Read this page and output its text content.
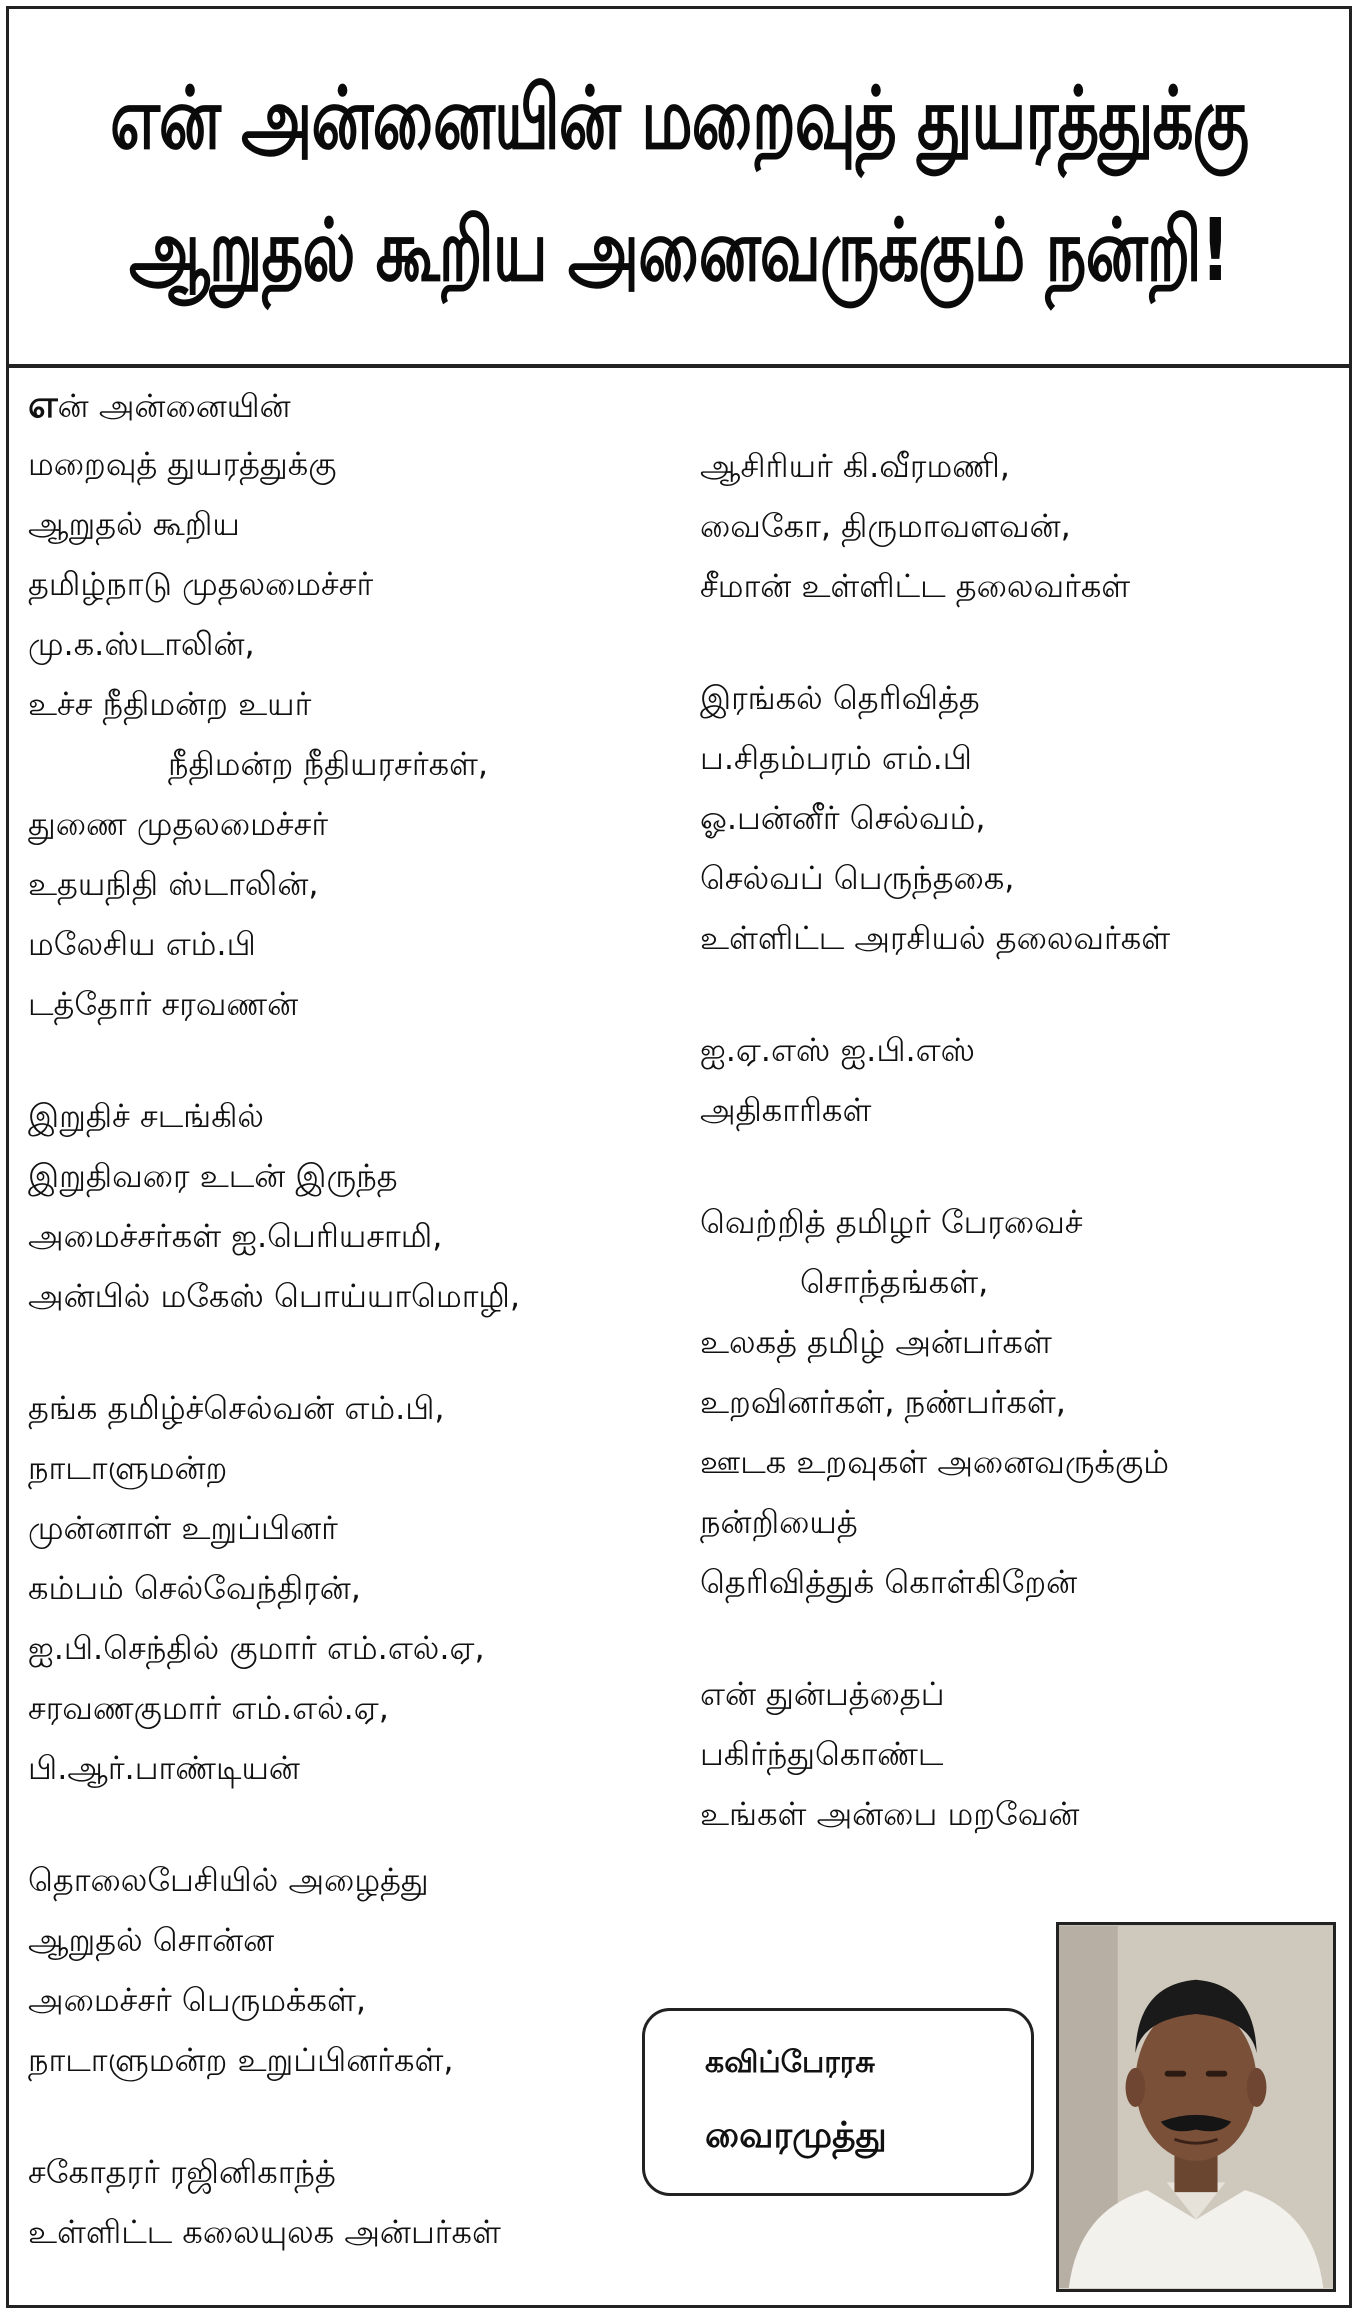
என் அன்னையின் மறைவுத் துயரத்துக்கு
ஆறுதல் கூறிய அனைவருக்கும் நன்றி!
என் அன்னையின்
மறைவுத் துயரத்துக்கு
ஆறுதல் கூறிய
தமிழ்நாடு முதலமைச்சர்
மு.க.ஸ்டாலின்,
உச்ச நீதிமன்ற உயர்
நீதிமன்ற நீதியரசர்கள்,
துணை முதலமைச்சர்
உதயநிதி ஸ்டாலின்,
மலேசிய எம்.பி
டத்தோர் சரவணன்
இறுதிச் சடங்கில்
இறுதிவரை உடன் இருந்த
அமைச்சர்கள் ஐ.பெரியசாமி,
அன்பில் மகேஸ் பொய்யாமொழி,
தங்க தமிழ்ச்செல்வன் எம்.பி,
நாடாளுமன்ற
முன்னாள் உறுப்பினர்
கம்பம் செல்வேந்திரன்,
ஐ.பி.செந்தில் குமார் எம்.எல்.ஏ,
சரவணகுமார் எம்.எல்.ஏ,
பி.ஆர்.பாண்டியன்
தொலைபேசியில் அழைத்து
ஆறுதல் சொன்ன
அமைச்சர் பெருமக்கள்,
நாடாளுமன்ற உறுப்பினர்கள்,
சகோதரர் ரஜினிகாந்த்
உள்ளிட்ட கலையுலக அன்பர்கள்
ஆசிரியர் கி.வீரமணி,
வைகோ, திருமாவளவன்,
சீமான் உள்ளிட்ட தலைவர்கள்
இரங்கல் தெரிவித்த
ப.சிதம்பரம் எம்.பி
ஓ.பன்னீர் செல்வம்,
செல்வப் பெருந்தகை,
உள்ளிட்ட அரசியல் தலைவர்கள்
ஐ.ஏ.எஸ் ஐ.பி.எஸ்
அதிகாரிகள்
வெற்றித் தமிழர் பேரவைச்
சொந்தங்கள்,
உலகத் தமிழ் அன்பர்கள்
உறவினர்கள், நண்பர்கள்,
ஊடக உறவுகள் அனைவருக்கும்
நன்றியைத்
தெரிவித்துக் கொள்கிறேன்
என் துன்பத்தைப்
பகிர்ந்துகொண்ட
உங்கள் அன்பை மறவேன்
கவிப்பேரரசு
வைரமுத்து
